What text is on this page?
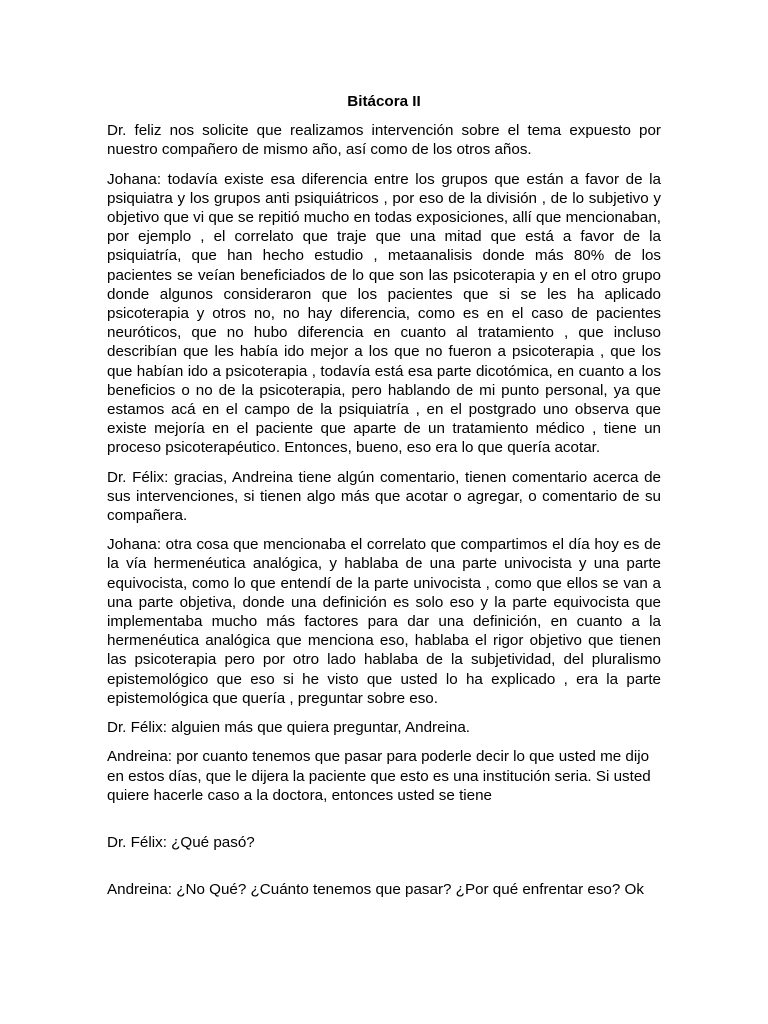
Bitácora II

Dr. feliz nos solicite que realizamos intervención sobre el tema expuesto por nuestro compañero de mismo año, así como de los otros años.

Johana: todavía existe esa diferencia entre los grupos que están a favor de la psiquiatra y los grupos anti psiquiátricos , por eso de la división , de lo subjetivo y objetivo que vi que se repitió mucho en todas exposiciones, allí que mencionaban, por ejemplo , el correlato que traje que una mitad que está a favor de la psiquiatría, que han hecho estudio , metaanalisis donde más 80% de los pacientes se veían beneficiados de lo que son las psicoterapia y en el otro grupo donde algunos consideraron que los pacientes que si se les ha aplicado psicoterapia y otros no, no hay diferencia, como es en el caso de pacientes neuróticos, que no hubo diferencia en cuanto al tratamiento , que incluso describían que les había ido mejor a los que no fueron a psicoterapia , que los que habían ido a psicoterapia , todavía está esa parte dicotómica, en cuanto a los beneficios o no de la psicoterapia, pero hablando de mi punto personal, ya que estamos acá en el campo de la psiquiatría , en el postgrado uno observa que existe mejoría en el paciente que aparte de un tratamiento médico , tiene un proceso psicoterapéutico. Entonces, bueno, eso era lo que quería acotar.

Dr. Félix: gracias, Andreina tiene algún comentario, tienen comentario acerca de sus intervenciones, si tienen algo más que acotar o agregar, o comentario de su compañera.

Johana: otra cosa que mencionaba el correlato que compartimos el día hoy es de la vía hermenéutica analógica, y hablaba de una parte univocista y una parte equivocista, como lo que entendí de la parte univocista , como que ellos se van a una parte objetiva, donde una definición es solo eso y la parte equivocista que implementaba mucho más factores para dar una definición, en cuanto a la hermenéutica analógica que menciona eso, hablaba el rigor objetivo que tienen las psicoterapia pero por otro lado hablaba de la subjetividad, del pluralismo epistemológico que eso si he visto que usted lo ha explicado , era la parte epistemológica que quería , preguntar sobre eso.

Dr. Félix: alguien más que quiera preguntar, Andreina.

Andreina: por cuanto tenemos que pasar para poderle decir lo que usted me dijo en estos días, que le dijera la paciente que esto es una institución seria. Si usted quiere hacerle caso a la doctora, entonces usted se tiene

Dr. Félix: ¿Qué pasó?

Andreina: ¿No Qué? ¿Cuánto tenemos que pasar? ¿Por qué enfrentar eso? Ok
